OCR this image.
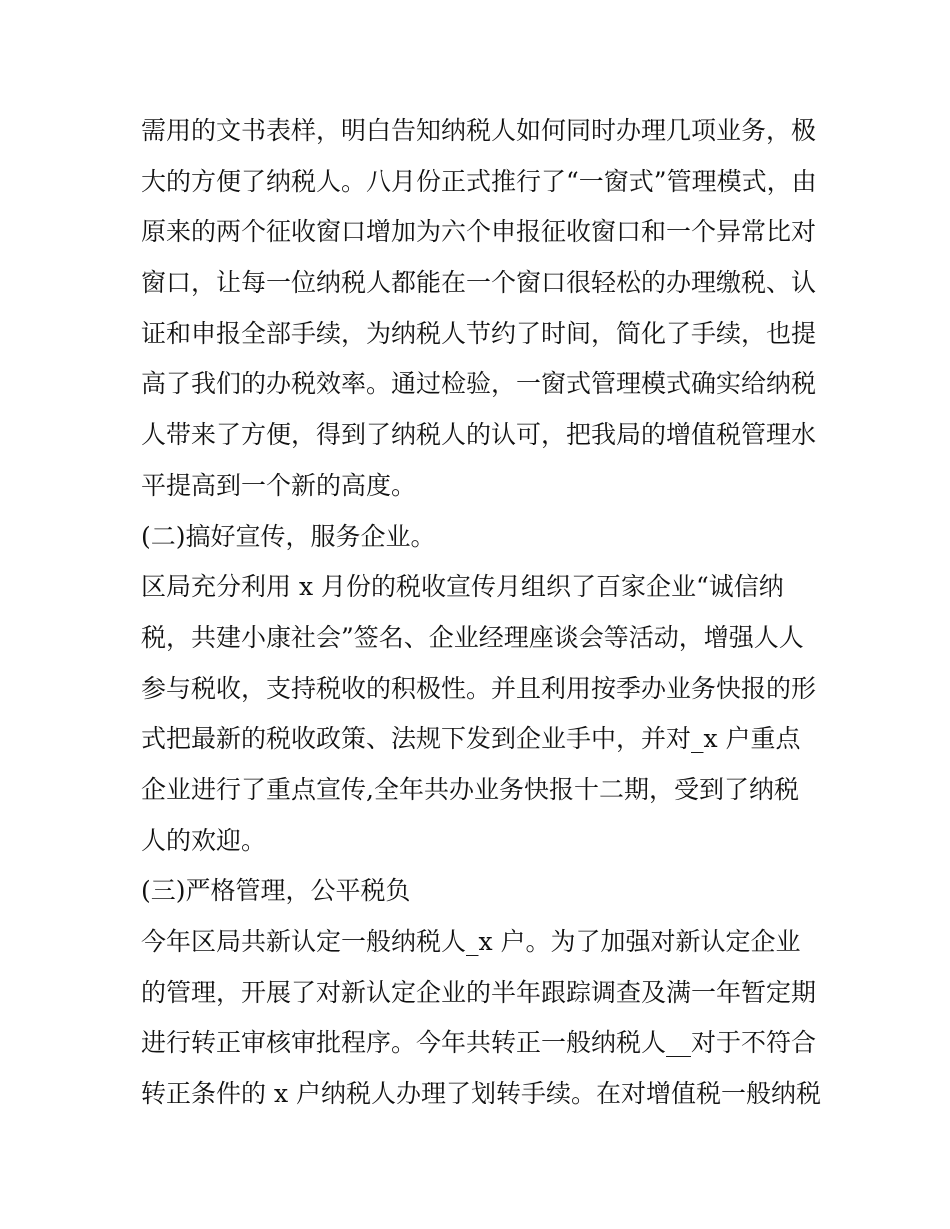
需用的文书表样，明白告知纳税人如何同时办理几项业务，极
大的方便了纳税人。八月份正式推行了“一窗式”管理模式，由
原来的两个征收窗口增加为六个申报征收窗口和一个异常比对
窗口，让每一位纳税人都能在一个窗口很轻松的办理缴税、认
证和申报全部手续，为纳税人节约了时间，简化了手续，也提
高了我们的办税效率。通过检验，一窗式管理模式确实给纳税
人带来了方便，得到了纳税人的认可，把我局的增值税管理水
平提高到一个新的高度。
(二)搞好宣传，服务企业。
区局充分利用 x 月份的税收宣传月组织了百家企业“诚信纳
税，共建小康社会”签名、企业经理座谈会等活动，增强人人
参与税收，支持税收的积极性。并且利用按季办业务快报的形
式把最新的税收政策、法规下发到企业手中，并对_x 户重点
企业进行了重点宣传,全年共办业务快报十二期，受到了纳税
人的欢迎。
(三)严格管理，公平税负
今年区局共新认定一般纳税人_x 户。为了加强对新认定企业
的管理，开展了对新认定企业的半年跟踪调查及满一年暂定期
进行转正审核审批程序。今年共转正一般纳税人__对于不符合
转正条件的 x 户纳税人办理了划转手续。在对增值税一般纳税
